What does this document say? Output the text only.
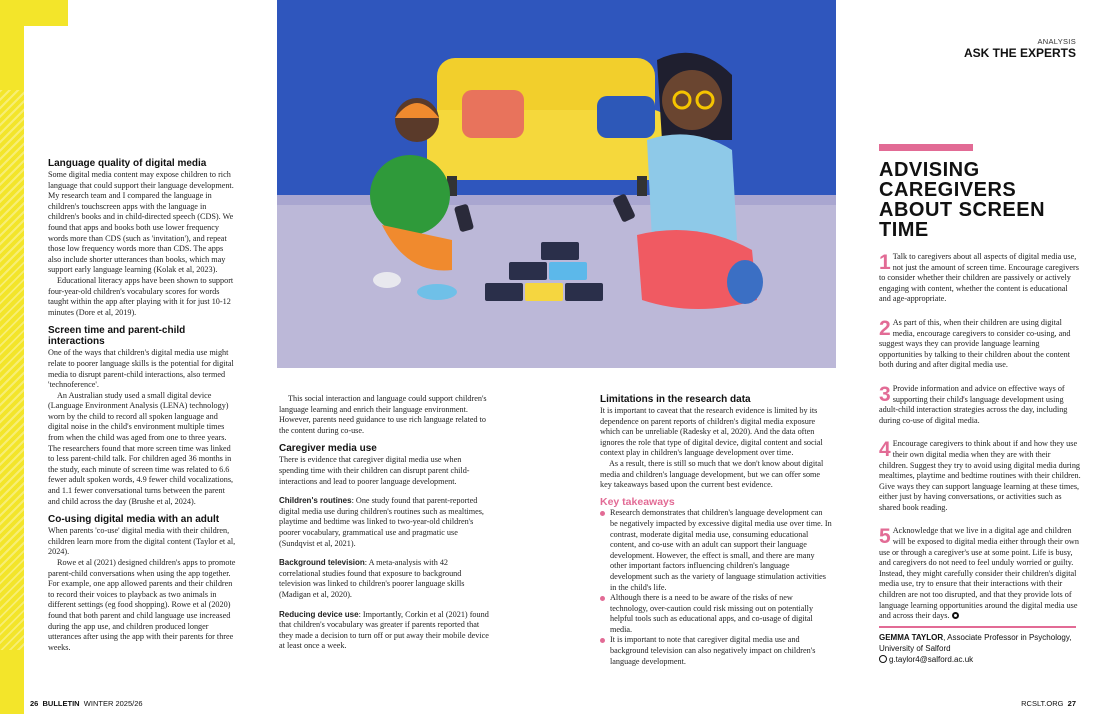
Language quality of digital media

Some digital media content may expose children to rich language that could support their language development. My research team and I compared the language in children's touchscreen apps with the language in children's books and in child-directed speech (CDS). We found that apps and books both use lower frequency words more than CDS (such as 'invitation'), and repeat those low frequency words more than CDS. The apps also include shorter utterances than books, which may support early language learning (Kolak et al, 2023).

Educational literacy apps have been shown to support four-year-old children's vocabulary scores for words taught within the app after playing with it for just 10-12 minutes (Dore et al, 2019).

Screen time and parent-child interactions

One of the ways that children's digital media use might relate to poorer language skills is the potential for digital media to disrupt parent-child interactions, also termed 'technoference'.

An Australian study used a small digital device (Language Environment Analysis (LENA) technology) worn by the child to record all spoken language and digital noise in the child's environment multiple times from when the child was aged from one to three years. The researchers found that more screen time was linked to less parent-child talk. For children aged 36 months in the study, each minute of screen time was related to 6.6 fewer adult spoken words, 4.9 fewer child vocalizations, and 1.1 fewer conversational turns between the parent and child across the day (Brushe et al, 2024).

Co-using digital media with an adult

When parents 'co-use' digital media with their children, children learn more from the digital content (Taylor et al, 2024).

Rowe et al (2021) designed children's apps to promote parent-child conversations when using the app together. For example, one app allowed parents and their children to record their voices to playback as two animals in different settings (eg food shopping). Rowe et al (2020) found that both parent and child language use increased during the app use, and children produced longer utterances after using the app with their parents for three weeks.

This social interaction and language could support children's language learning and enrich their language environment. However, parents need guidance to use rich language related to the content during co-use.

Caregiver media use

There is evidence that caregiver digital media use when spending time with their children can disrupt parent child-interactions and lead to poorer language development.

Children's routines: One study found that parent-reported digital media use during children's routines such as mealtimes, playtime and bedtime was linked to two-year-old children's poorer vocabulary, grammatical use and pragmatic use (Sundqvist et al, 2021).

Background television: A meta-analysis with 42 correlational studies found that exposure to background television was linked to children's poorer language skills (Madigan et al, 2020).

Reducing device use: Importantly, Corkin et al (2021) found that children's vocabulary was greater if parents reported that they made a decision to turn off or put away their mobile device at least once a week.

Limitations in the research data

It is important to caveat that the research evidence is limited by its dependence on parent reports of children's digital media exposure which can be unreliable (Radesky et al, 2020). And the data often ignores the role that type of digital device, digital content and social context play in children's language development over time.

As a result, there is still so much that we don't know about digital media and children's language development, but we can offer some key takeaways based upon the current best evidence.

Key takeaways
Research demonstrates that children's language development can be negatively impacted by excessive digital media use over time. In contrast, moderate digital media use, consuming educational content, and co-use with an adult can support their language development. However, the effect is small, and there are many other important factors influencing children's language development such as the variety of language stimulation activities in the child's life.
Although there is a need to be aware of the risks of new technology, over-caution could risk missing out on potentially helpful tools such as educational apps, and co-usage of digital media.
It is important to note that caregiver digital media use and background television can also negatively impact on children's language development.
ANALYSIS
ASK THE EXPERTS
ADVISING CAREGIVERS ABOUT SCREEN TIME
1 Talk to caregivers about all aspects of digital media use, not just the amount of screen time. Encourage caregivers to consider whether their children are passively or actively engaging with content, whether the content is educational and age-appropriate.
2 As part of this, when their children are using digital media, encourage caregivers to consider co-using, and suggest ways they can provide language learning opportunities by talking to their children about the content both during and after digital media use.
3 Provide information and advice on effective ways of supporting their child's language development using adult-child interaction strategies across the day, including during co-use of digital media.
4 Encourage caregivers to think about if and how they use their own digital media when they are with their children. Suggest they try to avoid using digital media during mealtimes, playtime and bedtime routines with their children. Give ways they can support language learning at these times, either just by having conversations, or activities such as shared book reading.
5 Acknowledge that we live in a digital age and children will be exposed to digital media either through their own use or through a caregiver's use at some point. Life is busy, and caregivers do not need to feel unduly worried or guilty. Instead, they might carefully consider their children's digital media use, try to ensure that their interactions with their children are not too disrupted, and that they provide lots of language learning opportunities around the digital media use and across their days.
GEMMA TAYLOR, Associate Professor in Psychology, University of Salford
g.taylor4@salford.ac.uk
26 BULLETIN WINTER 2025/26	RCSLT.ORG 27
